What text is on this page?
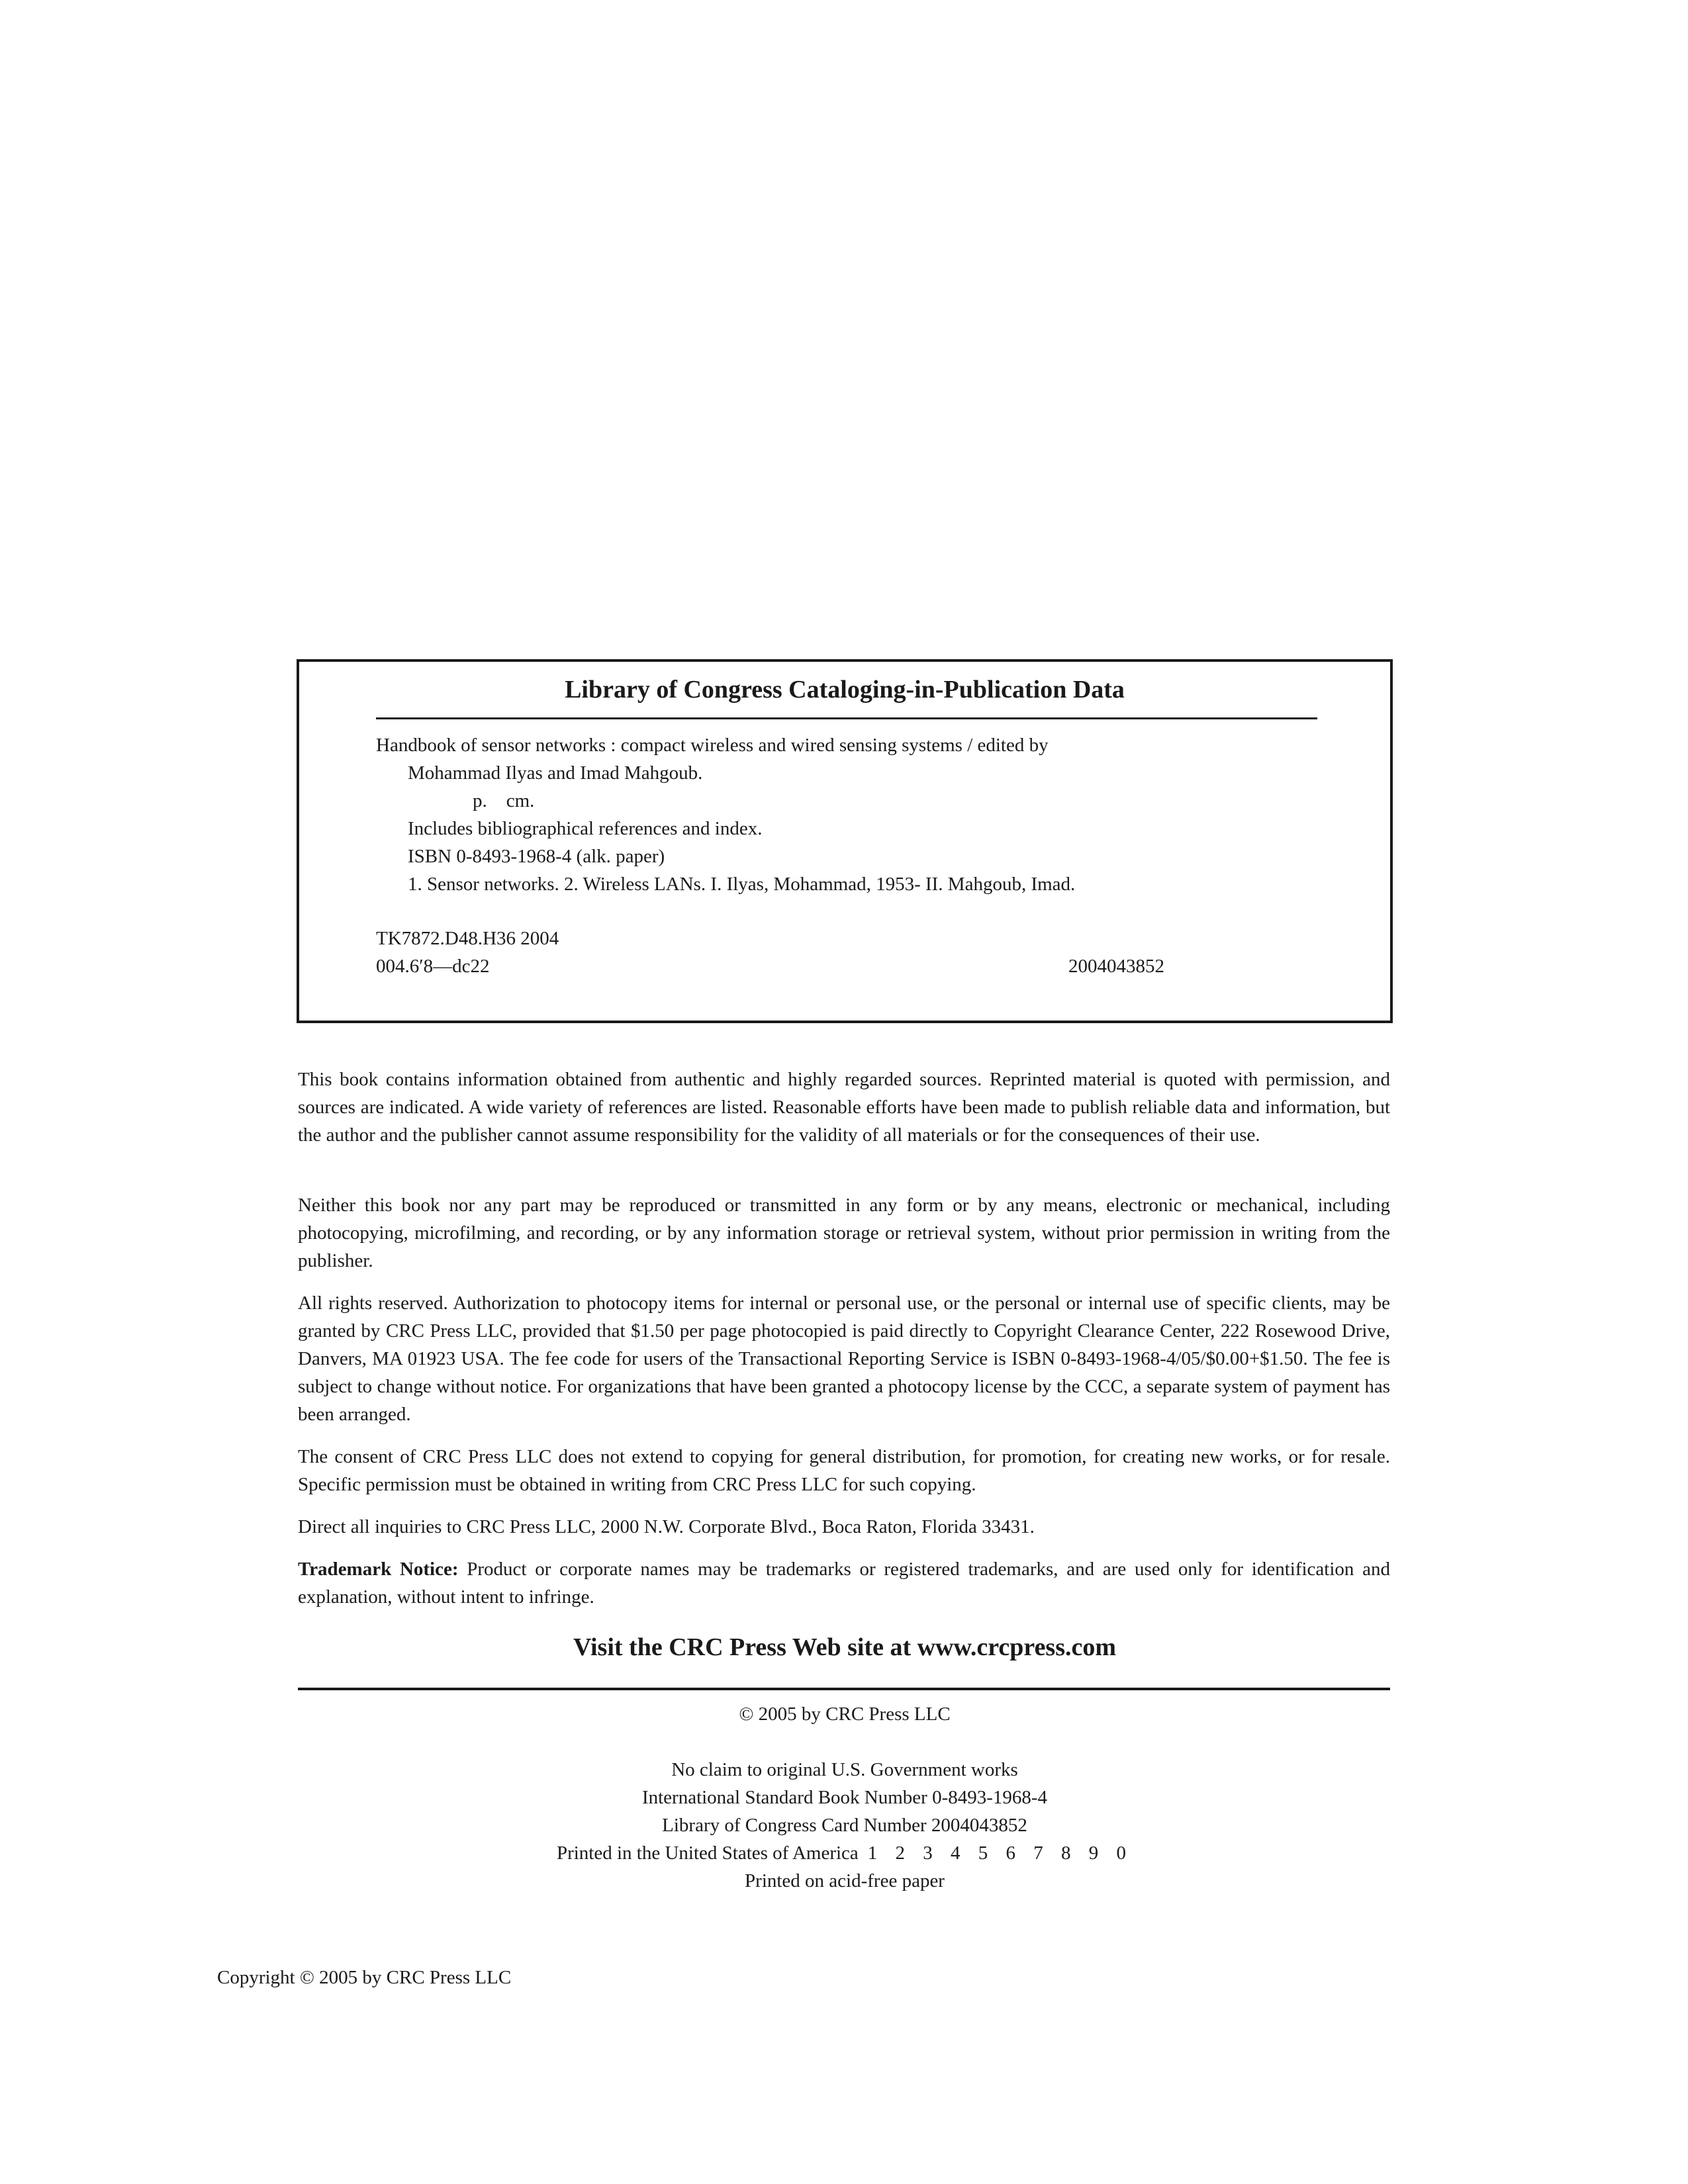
Library of Congress Cataloging-in-Publication Data
Handbook of sensor networks : compact wireless and wired sensing systems / edited by
Mohammad Ilyas and Imad Mahgoub.
p.    cm.
Includes bibliographical references and index.
ISBN 0-8493-1968-4 (alk. paper)
1. Sensor networks. 2. Wireless LANs. I. Ilyas, Mohammad, 1953- II. Mahgoub, Imad.
TK7872.D48.H36 2004
004.6′8—dc22	2004043852

This book contains information obtained from authentic and highly regarded sources. Reprinted material is quoted with permission, and sources are indicated. A wide variety of references are listed. Reasonable efforts have been made to publish reliable data and information, but the author and the publisher cannot assume responsibility for the validity of all materials or for the consequences of their use.

Neither this book nor any part may be reproduced or transmitted in any form or by any means, electronic or mechanical, including photocopying, microfilming, and recording, or by any information storage or retrieval system, without prior permission in writing from the publisher.

All rights reserved. Authorization to photocopy items for internal or personal use, or the personal or internal use of specific clients, may be granted by CRC Press LLC, provided that $1.50 per page photocopied is paid directly to Copyright Clearance Center, 222 Rosewood Drive, Danvers, MA 01923 USA. The fee code for users of the Transactional Reporting Service is ISBN 0-8493-1968-4/05/$0.00+$1.50. The fee is subject to change without notice. For organizations that have been granted a photocopy license by the CCC, a separate system of payment has been arranged.

The consent of CRC Press LLC does not extend to copying for general distribution, for promotion, for creating new works, or for resale. Specific permission must be obtained in writing from CRC Press LLC for such copying.

Direct all inquiries to CRC Press LLC, 2000 N.W. Corporate Blvd., Boca Raton, Florida 33431.

Trademark Notice: Product or corporate names may be trademarks or registered trademarks, and are used only for identification and explanation, without intent to infringe.

Visit the CRC Press Web site at www.crcpress.com
© 2005 by CRC Press LLC
No claim to original U.S. Government works
International Standard Book Number 0-8493-1968-4
Library of Congress Card Number 2004043852
Printed in the United States of America 1 2 3 4 5 6 7 8 9 0
Printed on acid-free paper
Copyright © 2005 by CRC Press LLC
